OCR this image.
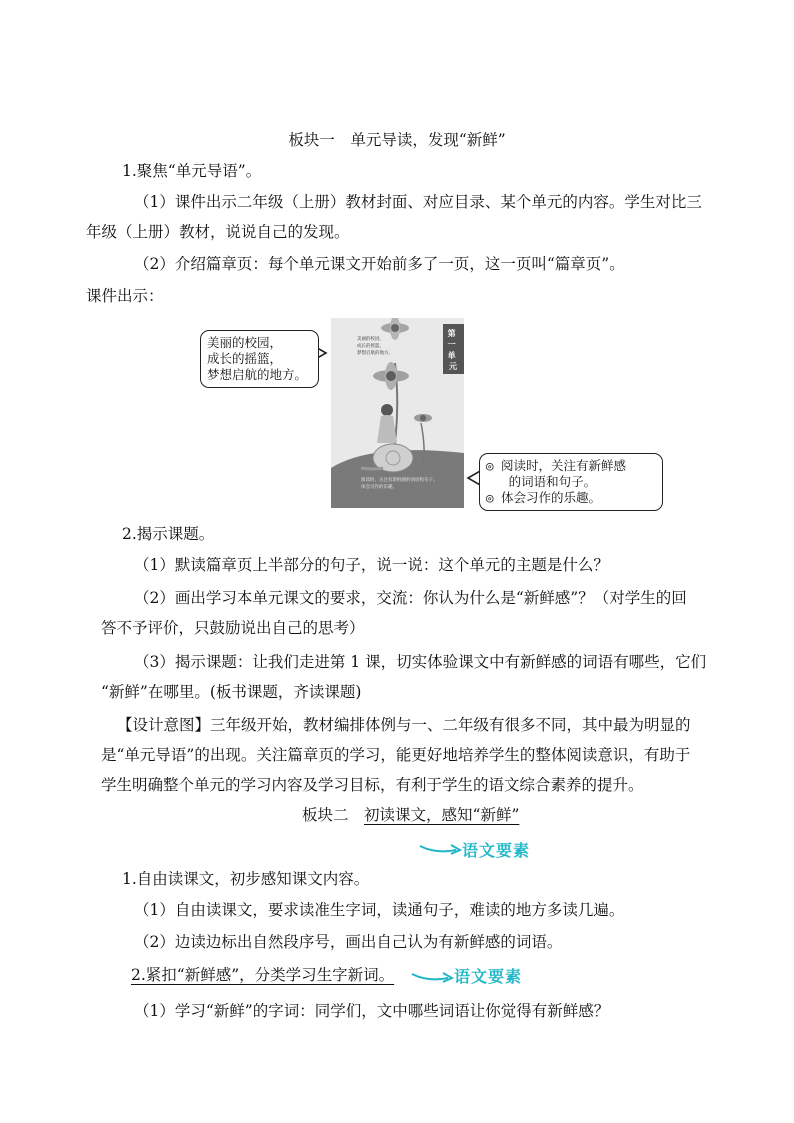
板块一　单元导读，发现“新鲜”
1.聚焦“单元导语”。
（1）课件出示二年级（上册）教材封面、对应目录、某个单元的内容。学生对比三
年级（上册）教材，说说自己的发现。
（2）介绍篇章页：每个单元课文开始前多了一页，这一页叫“篇章页”。
课件出示：
美丽的校园，
成长的摇篮，
梦想启航的地方。
第 一 单 元
美丽的校园， 成长的摇篮， 梦想启航的地方。
阅读时，关注有新鲜感的词语和句子。 体会习作的乐趣。
◎ 阅读时，关注有新鲜感
的词语和句子。
◎ 体会习作的乐趣。
2.揭示课题。
（1）默读篇章页上半部分的句子，说一说：这个单元的主题是什么？
（2）画出学习本单元课文的要求，交流：你认为什么是“新鲜感”？（对学生的回
答不予评价，只鼓励说出自己的思考）
（3）揭示课题：让我们走进第 1 课，切实体验课文中有新鲜感的词语有哪些，它们
“新鲜”在哪里。(板书课题，齐读课题)
【设计意图】三年级开始，教材编排体例与一、二年级有很多不同，其中最为明显的
是“单元导语”的出现。关注篇章页的学习，能更好地培养学生的整体阅读意识，有助于
学生明确整个单元的学习内容及学习目标，有利于学生的语文综合素养的提升。
板块二　初读课文，感知“新鲜”
语文要素
1.自由读课文，初步感知课文内容。
（1）自由读课文，要求读准生字词，读通句子，难读的地方多读几遍。
（2）边读边标出自然段序号，画出自己认为有新鲜感的词语。
2.紧扣“新鲜感”，分类学习生字新词。	语文要素
（1）学习“新鲜”的字词：同学们，文中哪些词语让你觉得有新鲜感？
